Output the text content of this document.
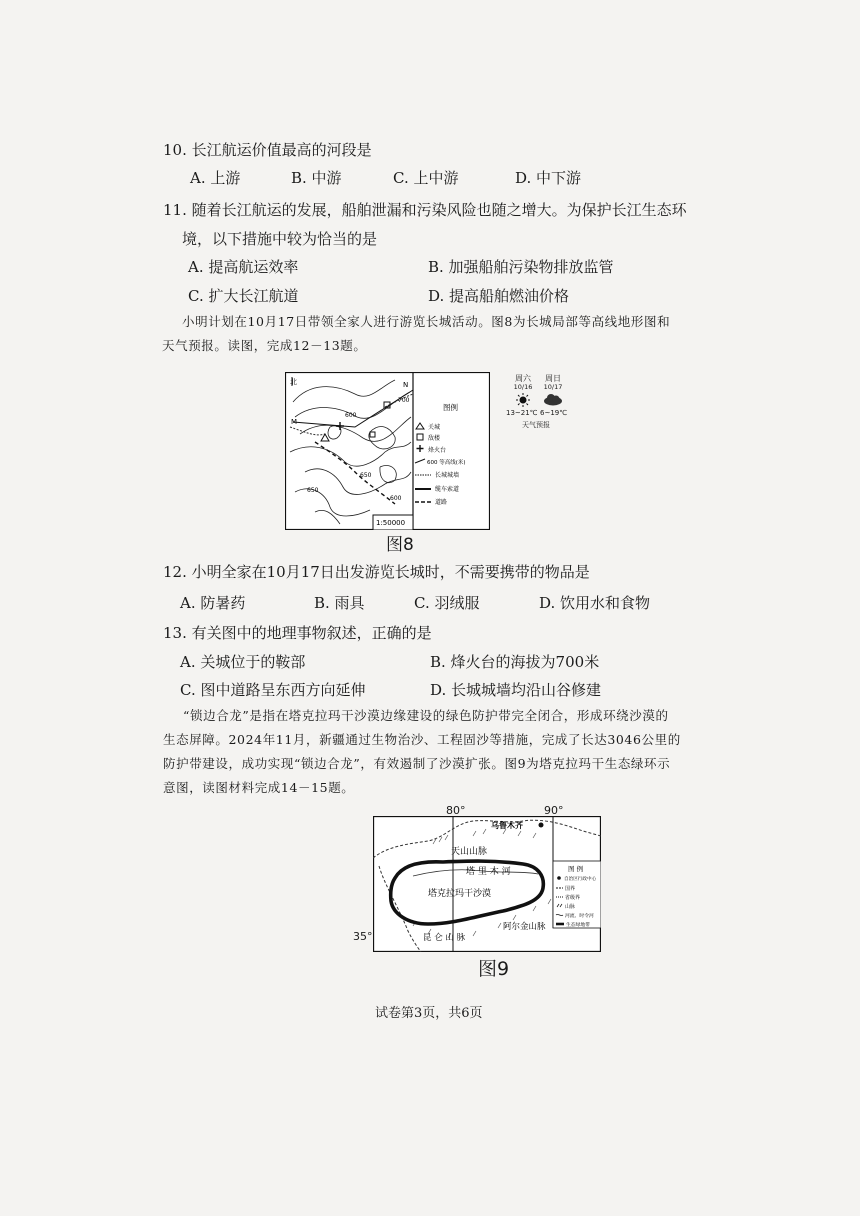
10. 长江航运价值最高的河段是
A. 上游	B. 中游	C. 上中游	D. 中下游
11. 随着长江航运的发展，船舶泄漏和污染风险也随之增大。为保护长江生态环
境，以下措施中较为恰当的是
A. 提高航运效率	B. 加强船舶污染物排放监管
C. 扩大长江航道	D. 提高船舶燃油价格
小明计划在10月17日带领全家人进行游览长城活动。图8为长城局部等高线地形图和
天气预报。读图，完成12－13题。
北
M
N
700
600
650
650
600
1:50000
图例
关城
敌楼
烽火台
600 等高线(米)
长城城墙
缆车索道
道路
周六
10/16
周日
10/17
13~21℃ 6~19℃
天气预报
图8
12. 小明全家在10月17日出发游览长城时，不需要携带的物品是
A. 防暑药	B. 雨具	C. 羽绒服	D. 饮用水和食物
13. 有关图中的地理事物叙述，正确的是
A. 关城位于的鞍部	B. 烽火台的海拔为700米
C. 图中道路呈东西方向延伸	D. 长城城墙均沿山谷修建
“锁边合龙”是指在塔克拉玛干沙漠边缘建设的绿色防护带完全闭合，形成环绕沙漠的
生态屏障。2024年11月，新疆通过生物治沙、工程固沙等措施，完成了长达3046公里的
防护带建设，成功实现“锁边合龙”，有效遏制了沙漠扩张。图9为塔克拉玛干生态绿环示
意图，读图材料完成14－15题。
80°	90°
35°
乌鲁木齐
天山山脉
塔 里 木 河
塔克拉玛干沙漠
阿尔金山脉
昆 仑 山 脉
图 例
自治区行政中心
国界
省级界
山脉
河流、时令河
生态绿地带
图9
试卷第3页，共6页
